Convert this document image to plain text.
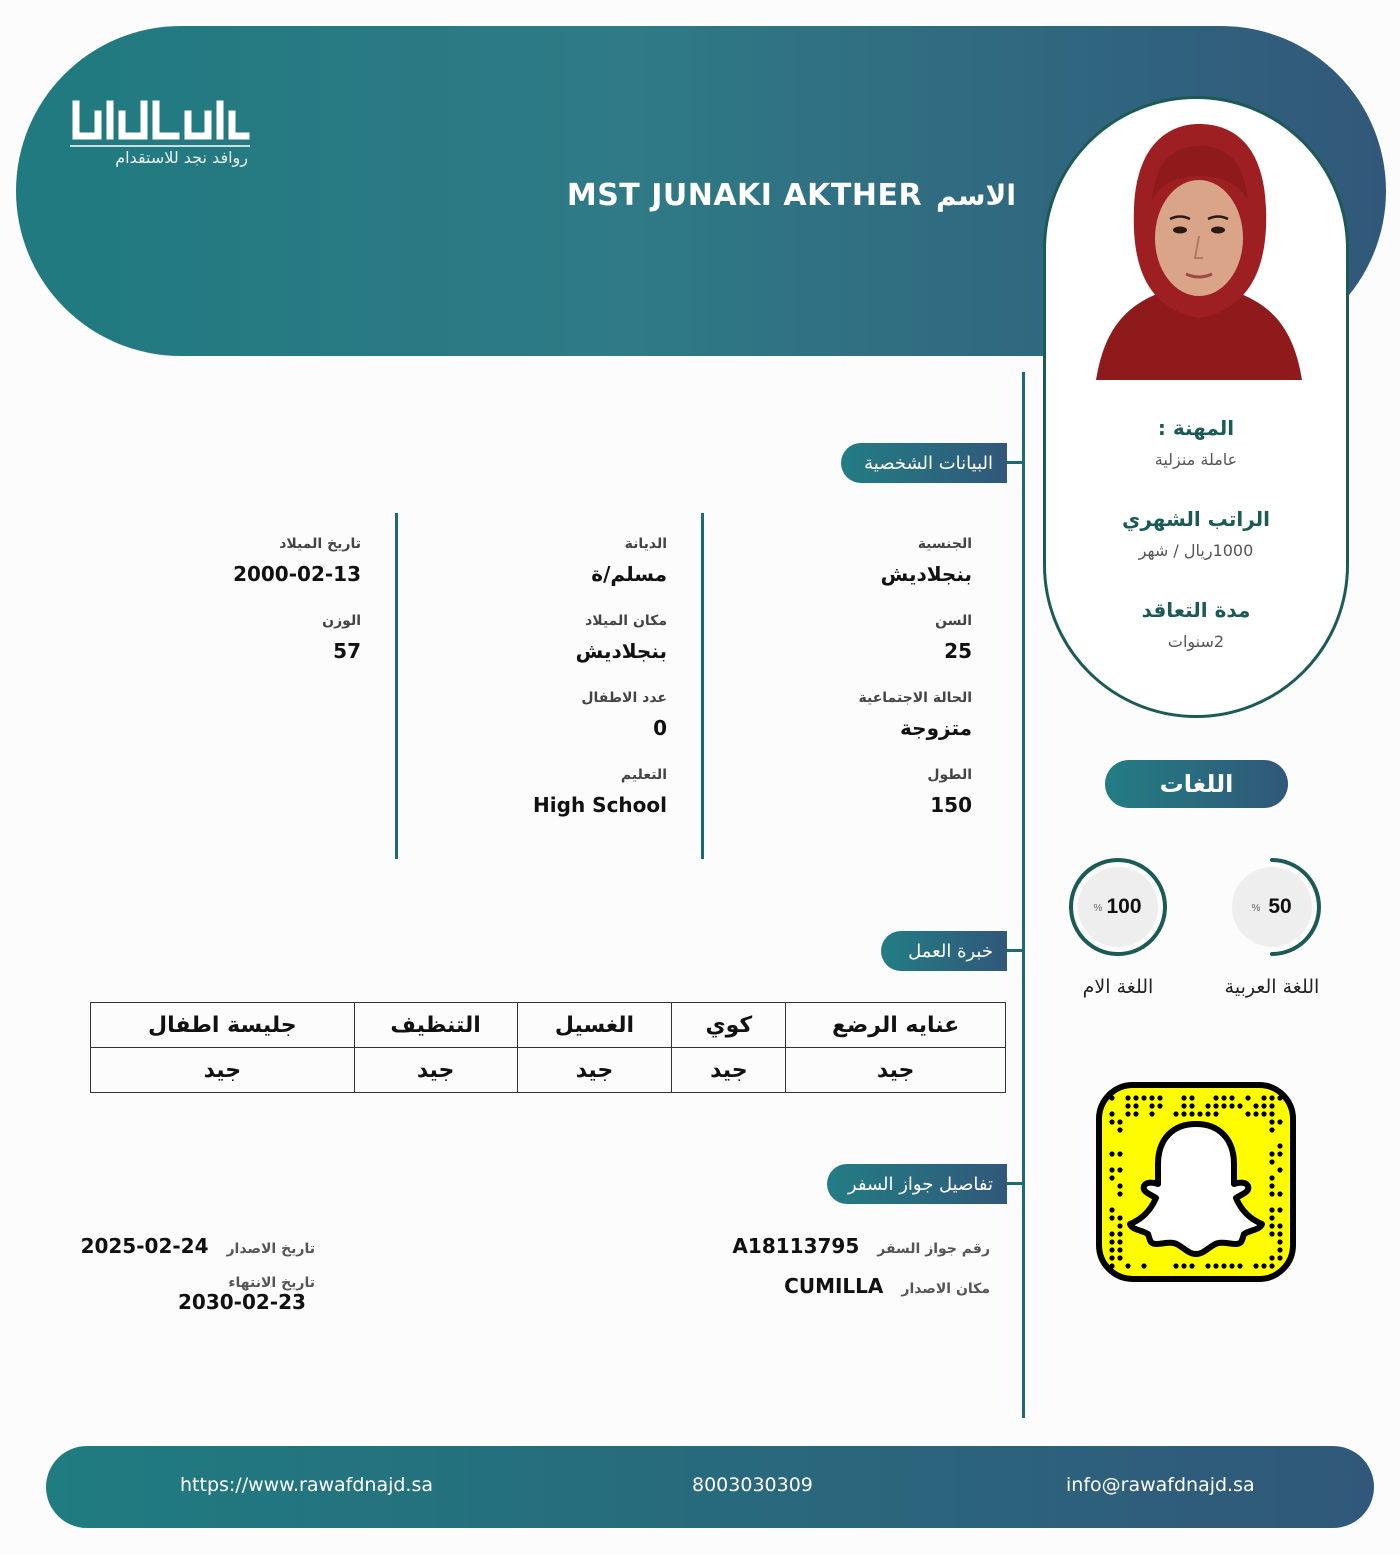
روافد نجد للاستقدام
MST JUNAKI AKTHER الاسم
المهنة :
عاملة منزلية
الراتب الشهري
1000ريال / شهر
مدة التعاقد
2سنوات
البيانات الشخصية
الجنسية
بنجلاديش
السن
25
الحالة الاجتماعية
متزوجة
الطول
150
الديانة
مسلم/ة
مكان الميلاد
بنجلاديش
عدد الاطفال
0
التعليم
High School
تاريخ الميلاد
2000-02-13
الوزن
57
خبرة العمل
عنايه الرضع	كوي	الغسيل	التنظيف	جليسة اطفال
جيد	جيد	جيد	جيد	جيد
تفاصيل جواز السفر
رقم جواز السفر
A18113795
مكان الاصدار
CUMILLA
تاريخ الاصدار
2025-02-24
تاريخ الانتهاء
2030-02-23
اللغات
50
%
اللغة العربية
100
%
اللغة الام
https://www.rawafdnajd.sa	8003030309	info@rawafdnajd.sa
